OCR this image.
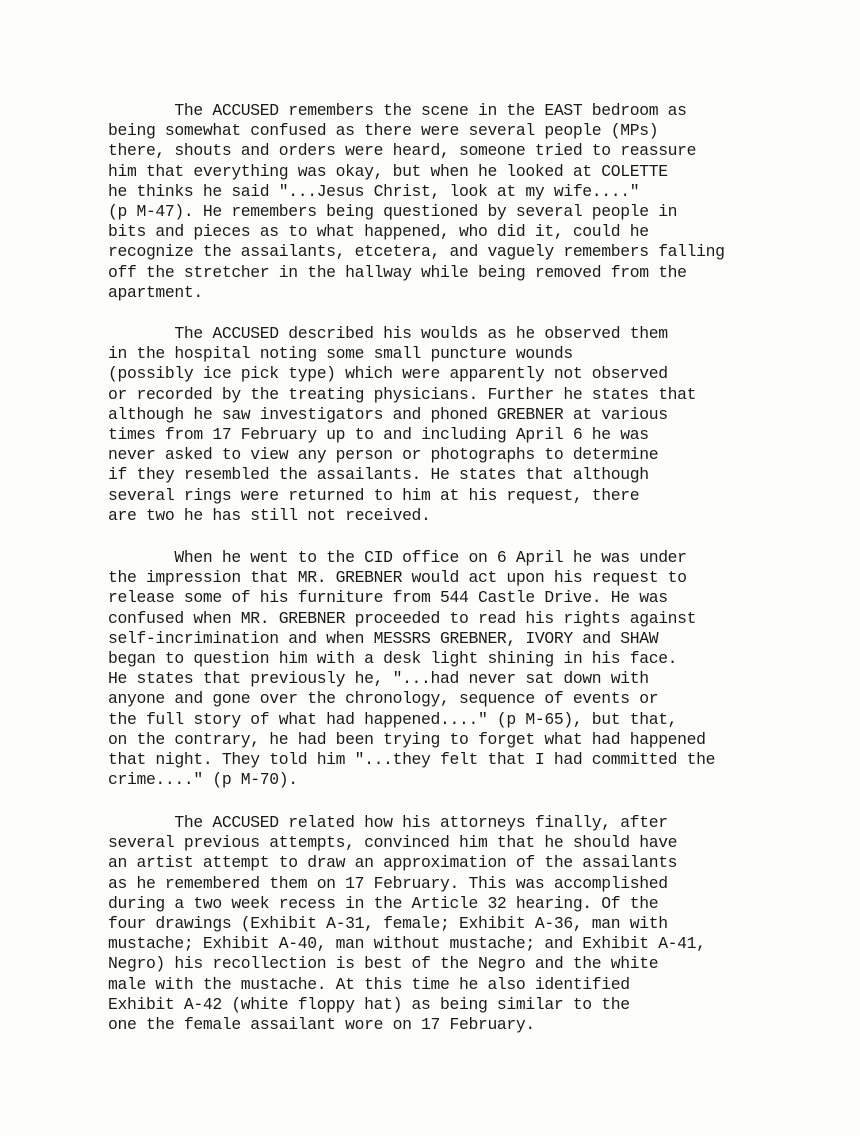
The ACCUSED remembers the scene in the EAST bedroom as
being somewhat confused as there were several people (MPs)
there, shouts and orders were heard, someone tried to reassure
him that everything was okay, but when he looked at COLETTE
he thinks he said "...Jesus Christ, look at my wife...."
(p M-47). He remembers being questioned by several people in
bits and pieces as to what happened, who did it, could he
recognize the assailants, etcetera, and vaguely remembers falling
off the stretcher in the hallway while being removed from the
apartment.
The ACCUSED described his woulds as he observed them
in the hospital noting some small puncture wounds
(possibly ice pick type) which were apparently not observed
or recorded by the treating physicians. Further he states that
although he saw investigators and phoned GREBNER at various
times from 17 February up to and including April 6 he was
never asked to view any person or photographs to determine
if they resembled the assailants. He states that although
several rings were returned to him at his request, there
are two he has still not received.
When he went to the CID office on 6 April he was under
the impression that MR. GREBNER would act upon his request to
release some of his furniture from 544 Castle Drive. He was
confused when MR. GREBNER proceeded to read his rights against
self-incrimination and when MESSRS GREBNER, IVORY and SHAW
began to question him with a desk light shining in his face.
He states that previously he, "...had never sat down with
anyone and gone over the chronology, sequence of events or
the full story of what had happened...." (p M-65), but that,
on the contrary, he had been trying to forget what had happened
that night. They told him "...they felt that I had committed the
crime...." (p M-70).
The ACCUSED related how his attorneys finally, after
several previous attempts, convinced him that he should have
an artist attempt to draw an approximation of the assailants
as he remembered them on 17 February. This was accomplished
during a two week recess in the Article 32 hearing. Of the
four drawings (Exhibit A-31, female; Exhibit A-36, man with
mustache; Exhibit A-40, man without mustache; and Exhibit A-41,
Negro) his recollection is best of the Negro and the white
male with the mustache. At this time he also identified
Exhibit A-42 (white floppy hat) as being similar to the
one the female assailant wore on 17 February.
